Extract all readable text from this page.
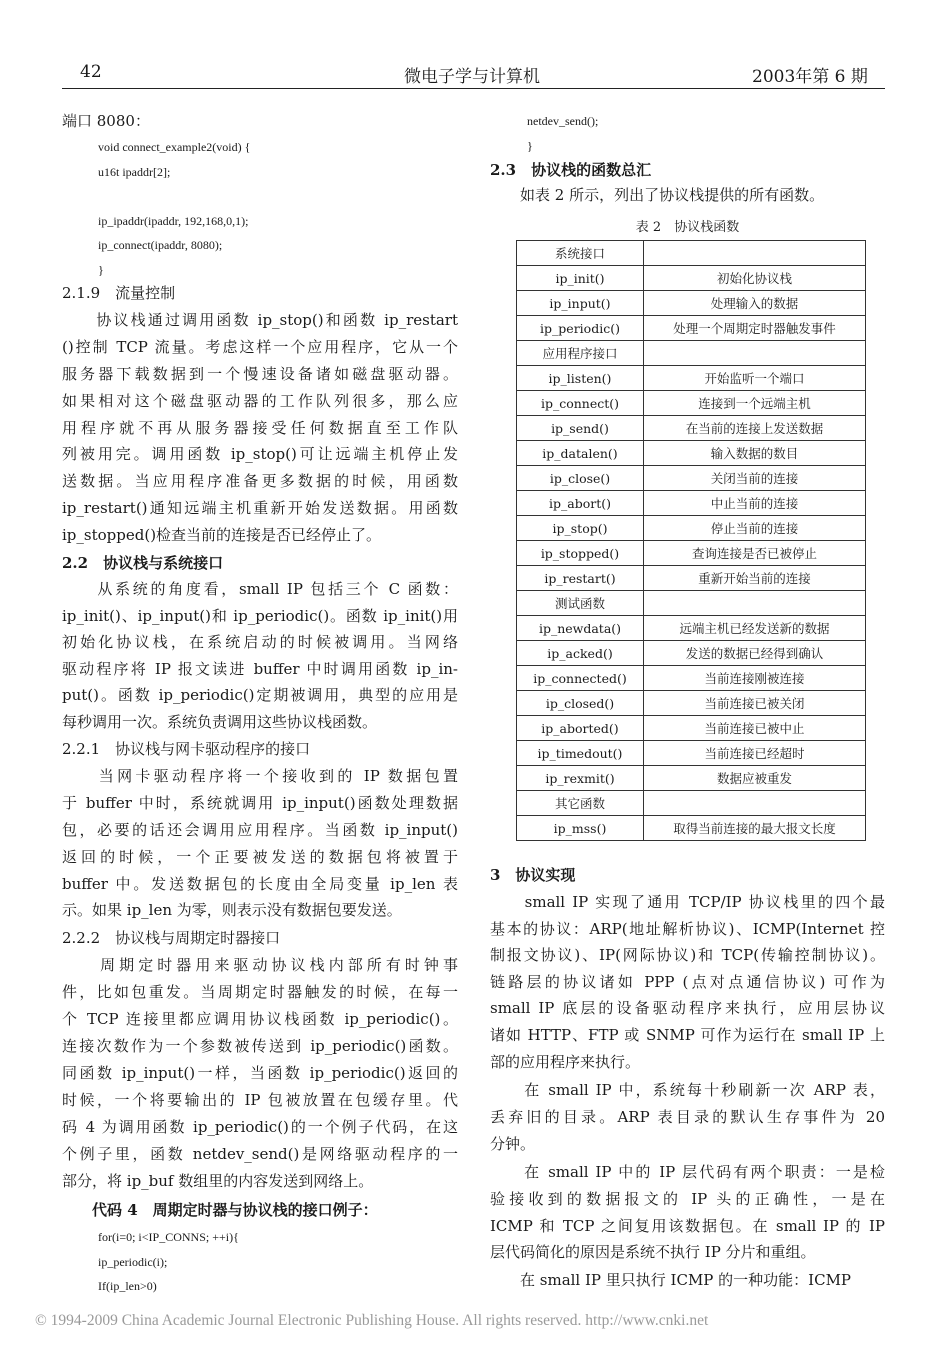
42	微电子学与计算机	2003年第 6 期
端口 8080：
void connect_example2(void) {
u16t ipaddr[2];
ip_ipaddr(ipaddr, 192,168,0,1);
ip_connect(ipaddr, 8080);
}
2.1.9　流量控制
　　协议栈通过调用函数 ip_stop()和函数 ip_restart
()控制 TCP 流量。考虑这样一个应用程序，它从一个
服务器下载数据到一个慢速设备诸如磁盘驱动器。
如果相对这个磁盘驱动器的工作队列很多，那么应
用程序就不再从服务器接受任何数据直至工作队
列被用完。调用函数 ip_stop()可让远端主机停止发
送数据。当应用程序准备更多数据的时候，用函数
ip_restart()通知远端主机重新开始发送数据。用函数
ip_stopped()检查当前的连接是否已经停止了。
2.2　协议栈与系统接口
　　从系统的角度看，small IP 包括三个 C 函数：
ip_init()、ip_input()和 ip_periodic()。函数 ip_init()用
初始化协议栈，在系统启动的时候被调用。当网络
驱动程序将 IP 报文读进 buffer 中时调用函数 ip_in-
put()。函数 ip_periodic()定期被调用，典型的应用是
每秒调用一次。系统负责调用这些协议栈函数。
2.2.1　协议栈与网卡驱动程序的接口
　　当网卡驱动程序将一个接收到的 IP 数据包置
于 buffer 中时，系统就调用 ip_input()函数处理数据
包，必要的话还会调用应用程序。当函数 ip_input()
返回的时候，一个正要被发送的数据包将被置于
buffer 中。发送数据包的长度由全局变量 ip_len 表
示。如果 ip_len 为零，则表示没有数据包要发送。
2.2.2　协议栈与周期定时器接口
　　周期定时器用来驱动协议栈内部所有时钟事
件，比如包重发。当周期定时器触发的时候，在每一
个 TCP 连接里都应调用协议栈函数 ip_periodic()。
连接次数作为一个参数被传送到 ip_periodic()函数。
同函数 ip_input()一样，当函数 ip_periodic()返回的
时候，一个将要输出的 IP 包被放置在包缓存里。代
码 4 为调用函数 ip_periodic()的一个例子代码，在这
个例子里，函数 netdev_send()是网络驱动程序的一
部分，将 ip_buf 数组里的内容发送到网络上。
　　代码 4　周期定时器与协议栈的接口例子：
for(i=0; i<IP_CONNS; ++i){
ip_periodic(i);
If(ip_len>0)
netdev_send();
}
2.3　协议栈的函数总汇
　　如表 2 所示，列出了协议栈提供的所有函数。
表 2　协议栈函数
系统接口	
ip_init()	初始化协议栈
ip_input()	处理输入的数据
ip_periodic()	处理一个周期定时器触发事件
应用程序接口	
ip_listen()	开始监听一个端口
ip_connect()	连接到一个远端主机
ip_send()	在当前的连接上发送数据
ip_datalen()	输入数据的数目
ip_close()	关闭当前的连接
ip_abort()	中止当前的连接
ip_stop()	停止当前的连接
ip_stopped()	查询连接是否已被停止
ip_restart()	重新开始当前的连接
测试函数	
ip_newdata()	远端主机已经发送新的数据
ip_acked()	发送的数据已经得到确认
ip_connected()	当前连接刚被连接
ip_closed()	当前连接已被关闭
ip_aborted()	当前连接已被中止
ip_timedout()	当前连接已经超时
ip_rexmit()	数据应被重发
其它函数	
ip_mss()	取得当前连接的最大报文长度
3　协议实现
　　small IP 实现了通用 TCP/IP 协议栈里的四个最
基本的协议：ARP(地址解析协议)、ICMP(Internet 控
制报文协议)、IP(网际协议)和 TCP(传输控制协议)。
链路层的协议诸如 PPP (点对点通信协议) 可作为
small IP 底层的设备驱动程序来执行，应用层协议
诸如 HTTP、FTP 或 SNMP 可作为运行在 small IP 上
部的应用程序来执行。
　　在 small IP 中，系统每十秒刷新一次 ARP 表，
丢弃旧的目录。ARP 表目录的默认生存事件为 20
分钟。
　　在 small IP 中的 IP 层代码有两个职责：一是检
验接收到的数据报文的 IP 头的正确性，一是在
ICMP 和 TCP 之间复用该数据包。在 small IP 的 IP
层代码简化的原因是系统不执行 IP 分片和重组。
　　在 small IP 里只执行 ICMP 的一种功能：ICMP
© 1994-2009 China Academic Journal Electronic Publishing House. All rights reserved. http://www.cnki.net
